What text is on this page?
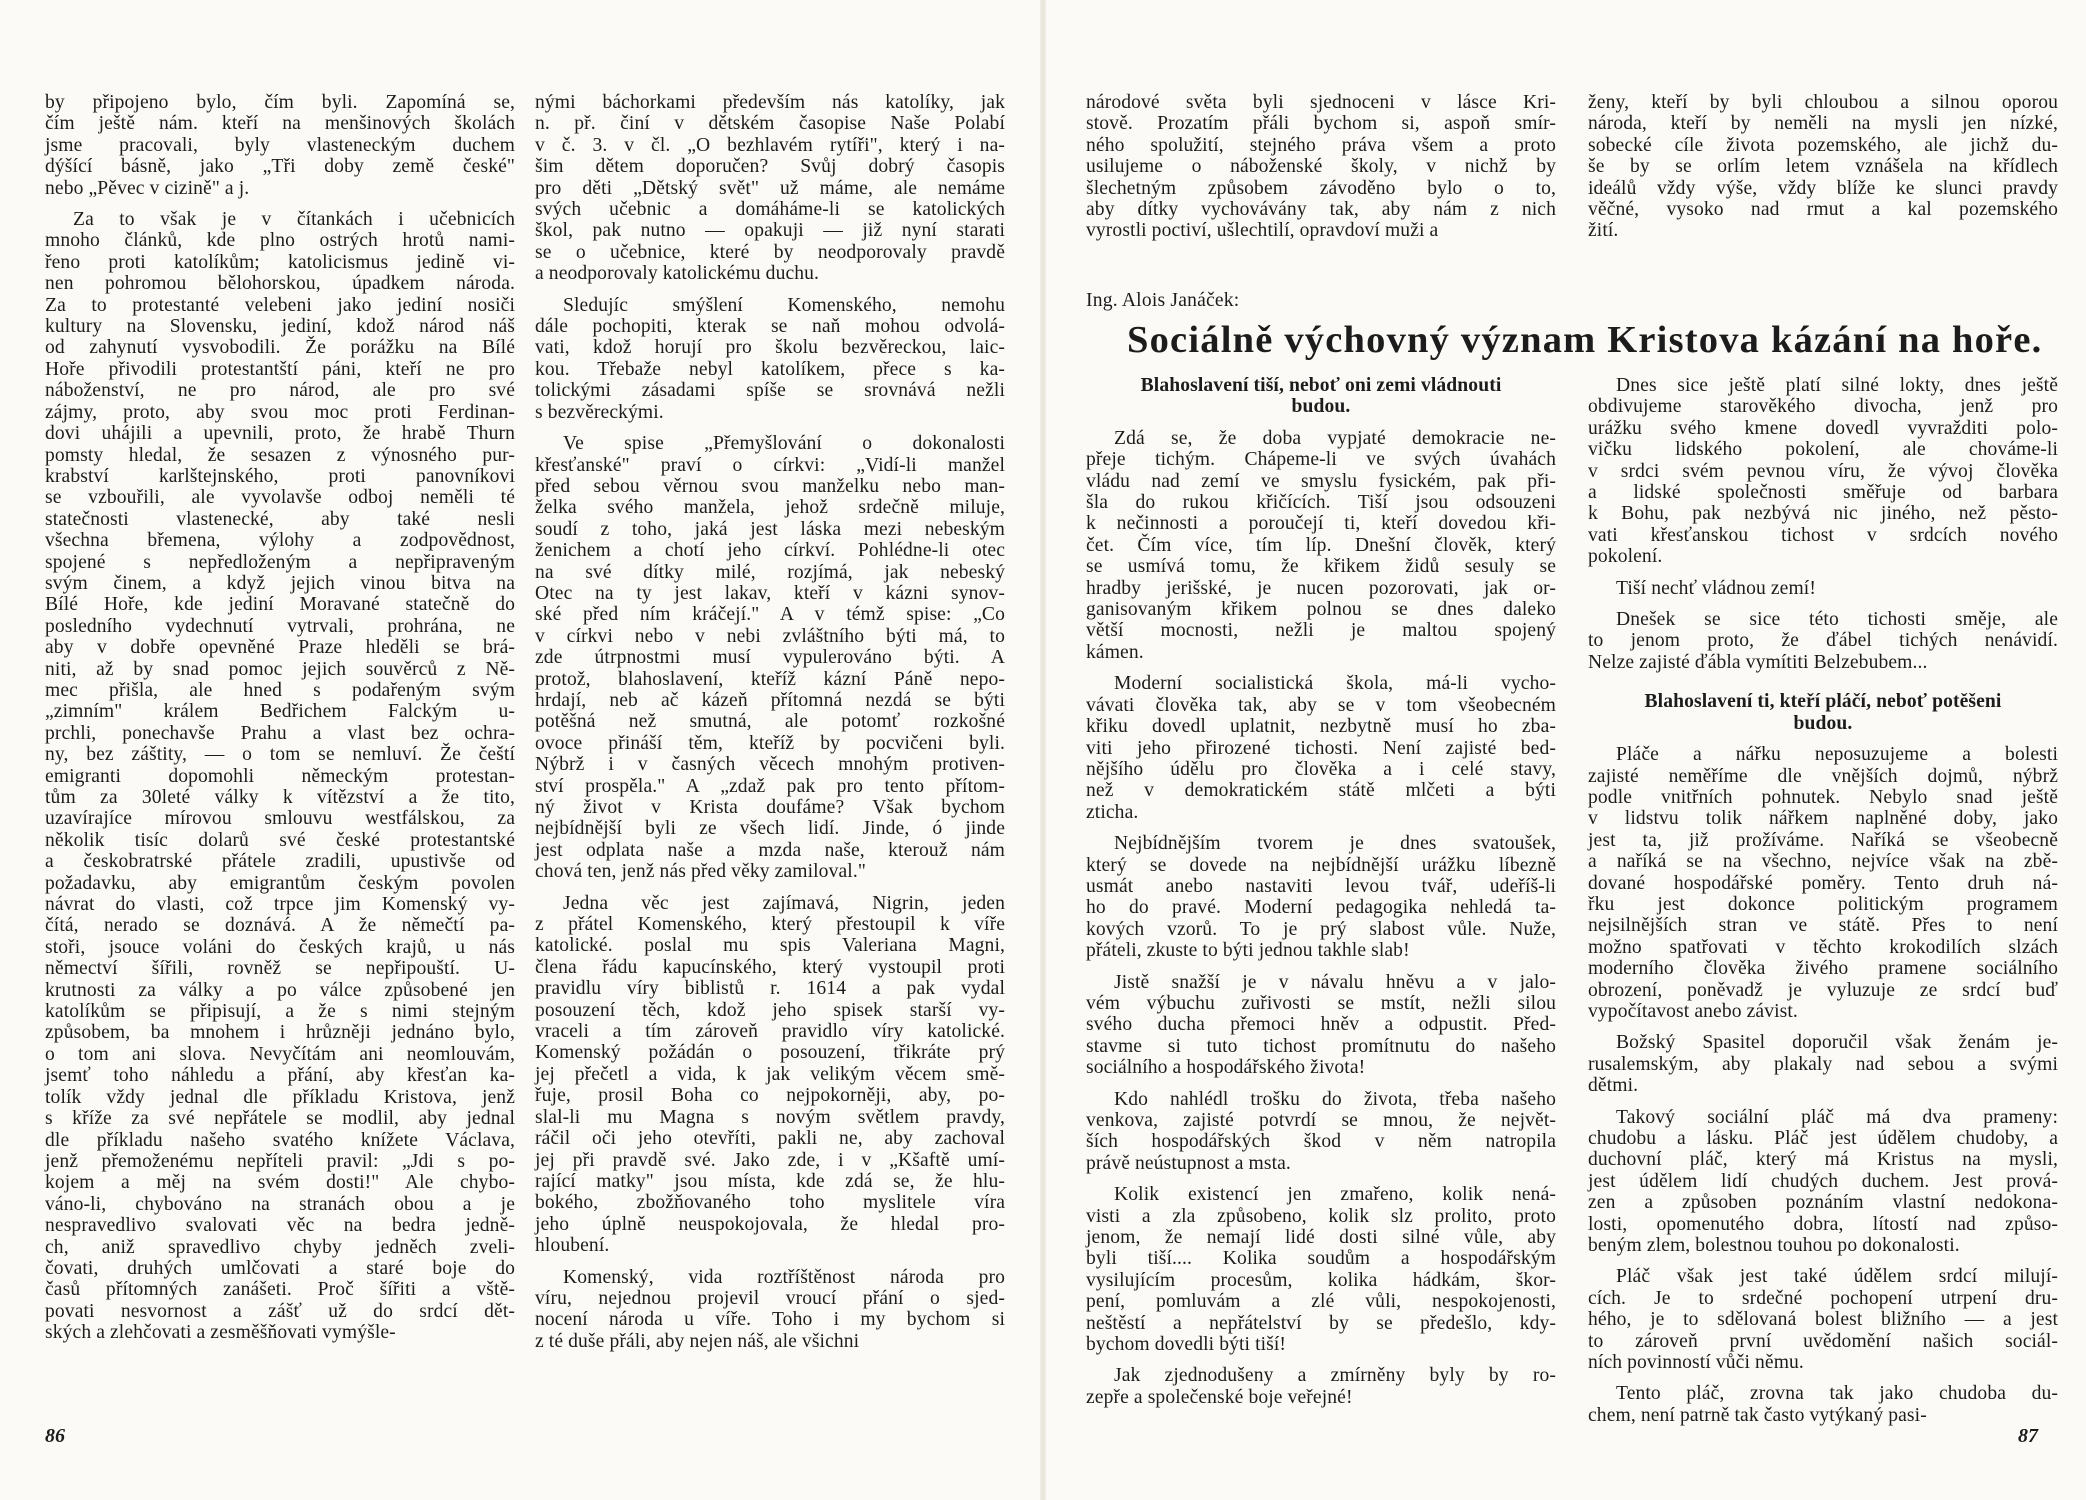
by připojeno bylo, čím byli. Zapomíná se,
čím ještě nám. kteří na menšinových školách
jsme pracovali, byly vlasteneckým duchem
dýšící básně, jako „Tři doby země české"
nebo „Pěvec v cizině" a j.

Za to však je v čítankách i učebnicích
mnoho článků, kde plno ostrých hrotů nami-
řeno proti katolíkům; katolicismus jedině vi-
nen pohromou bělohorskou, úpadkem národa.
Za to protestanté velebeni jako jediní nosiči
kultury na Slovensku, jediní, kdož národ náš
od zahynutí vysvobodili. Že porážku na Bílé
Hoře přivodili protestantští páni, kteří ne pro
náboženství, ne pro národ, ale pro své
zájmy, proto, aby svou moc proti Ferdinan-
dovi uhájili a upevnili, proto, že hrabě Thurn
pomsty hledal, že sesazen z výnosného pur-
krabství karlštejnského, proti panovníkovi
se vzbouřili, ale vyvolavše odboj neměli té
statečnosti vlastenecké, aby také nesli
všechna břemena, výlohy a zodpovědnost,
spojené s nepředloženým a nepřipraveným
svým činem, a když jejich vinou bitva na
Bílé Hoře, kde jediní Moravané statečně do
posledního vydechnutí vytrvali, prohrána, ne
aby v dobře opevněné Praze hleděli se brá-
niti, až by snad pomoc jejich souvěrců z Ně-
mec přišla, ale hned s podařeným svým
„zimním" králem Bedřichem Falckým u-
prchli, ponechavše Prahu a vlast bez ochra-
ny, bez záštity, — o tom se nemluví. Že čeští
emigranti dopomohli německým protestan-
tům za 30leté války k vítězství a že tito,
uzavírajíce mírovou smlouvu westfálskou, za
několik tisíc dolarů své české protestantské
a českobratrské přátele zradili, upustivše od
požadavku, aby emigrantům českým povolen
návrat do vlasti, což trpce jim Komenský vy-
čítá, nerado se doznává. A že němečtí pa-
stoři, jsouce voláni do českých krajů, u nás
němectví šířili, rovněž se nepřipouští. U-
krutnosti za války a po válce způsobené jen
katolíkům se připisují, a že s nimi stejným
způsobem, ba mnohem i hrůzněji jednáno bylo,
o tom ani slova. Nevyčítám ani neomlouvám,
jsemť toho náhledu a přání, aby křesťan ka-
tolík vždy jednal dle příkladu Kristova, jenž
s kříže za své nepřátele se modlil, aby jednal
dle příkladu našeho svatého knížete Václava,
jenž přemoženému nepříteli pravil: „Jdi s po-
kojem a měj na svém dosti!" Ale chybo-
váno-li, chybováno na stranách obou a je
nespravedlivo svalovati věc na bedra jedně-
ch, aniž spravedlivo chyby jedněch zveli-
čovati, druhých umlčovati a staré boje do
časů přítomných zanášeti. Proč šířiti a vště-
povati nesvornost a zášť už do srdcí dět-
ských a zlehčovati a zesměšňovati vymýšle-

nými báchorkami především nás katolíky, jak
n. př. činí v dětském časopise Naše Polabí
v č. 3. v čl. „O bezhlavém rytíři", který i na-
šim dětem doporučen? Svůj dobrý časopis
pro děti „Dětský svět" už máme, ale nemáme
svých učebnic a domáháme-li se katolických
škol, pak nutno — opakuji — již nyní starati
se o učebnice, které by neodporovaly pravdě
a neodporovaly katolickému duchu.

Sledujíc smýšlení Komenského, nemohu
dále pochopiti, kterak se naň mohou odvolá-
vati, kdož horují pro školu bezvěreckou, laic-
kou. Třebaže nebyl katolíkem, přece s ka-
tolickými zásadami spíše se srovnává nežli
s bezvěreckými.

Ve spise „Přemyšlování o dokonalosti
křesťanské" praví o církvi: „Vidí-li manžel
před sebou věrnou svou manželku nebo man-
želka svého manžela, jehož srdečně miluje,
soudí z toho, jaká jest láska mezi nebeským
ženichem a chotí jeho církví. Pohlédne-li otec
na své dítky milé, rozjímá, jak nebeský
Otec na ty jest lakav, kteří v kázni synov-
ské před ním kráčejí." A v témž spise: „Co
v církvi nebo v nebi zvláštního býti má, to
zde útrpnostmi musí vypulerováno býti. A
protož, blahoslavení, kteříž kázní Páně nepo-
hrdají, neb ač kázeň přítomná nezdá se býti
potěšná než smutná, ale potomť rozkošné
ovoce přináší těm, kteříž by pocvičeni byli.
Nýbrž i v časných věcech mnohým protiven-
ství prospěla." A „zdaž pak pro tento přítom-
ný život v Krista doufáme? Však bychom
nejbídnější byli ze všech lidí. Jinde, ó jinde
jest odplata naše a mzda naše, kterouž nám
chová ten, jenž nás před věky zamiloval."

Jedna věc jest zajímavá, Nigrin, jeden
z přátel Komenského, který přestoupil k víře
katolické. poslal mu spis Valeriana Magni,
člena řádu kapucínského, který vystoupil proti
pravidlu víry biblistů r. 1614 a pak vydal
posouzení těch, kdož jeho spisek starší vy-
vraceli a tím zároveň pravidlo víry katolické.
Komenský požádán o posouzení, třikráte prý
jej přečetl a vida, k jak velikým věcem smě-
řuje, prosil Boha co nejpokorněji, aby, po-
slal-li mu Magna s novým světlem pravdy,
ráčil oči jeho otevříti, pakli ne, aby zachoval
jej při pravdě své. Jako zde, i v „Kšaftě umí-
rající matky" jsou místa, kde zdá se, že hlu-
bokého, zbožňovaného toho myslitele víra
jeho úplně neuspokojovala, že hledal pro-
hloubení.

Komenský, vida roztříštěnost národa pro
víru, nejednou projevil vroucí přání o sjed-
nocení národa u víře. Toho i my bychom si
z té duše přáli, aby nejen náš, ale všichni

86

národové světa byli sjednoceni v lásce Kri-
stově. Prozatím přáli bychom si, aspoň smír-
ného spolužití, stejného práva všem a proto
usilujeme o náboženské školy, v nichž by
šlechetným způsobem závoděno bylo o to,
aby dítky vychovávány tak, aby nám z nich
vyrostli poctiví, ušlechtilí, opravdoví muži a

ženy, kteří by byli chloubou a silnou oporou
národa, kteří by neměli na mysli jen nízké,
sobecké cíle života pozemského, ale jichž du-
še by se orlím letem vznášela na křídlech
ideálů vždy výše, vždy blíže ke slunci pravdy
věčné, vysoko nad rmut a kal pozemského
žití.

Ing. Alois Janáček:
Sociálně výchovný význam Kristova kázání na hoře.
Blahoslavení tiší, neboť oni zemi vládnouti
budou.

Zdá se, že doba vypjaté demokracie ne-
přeje tichým. Chápeme-li ve svých úvahách
vládu nad zemí ve smyslu fysickém, pak při-
šla do rukou křičících. Tiší jsou odsouzeni
k nečinnosti a poroučejí ti, kteří dovedou kři-
čet. Čím více, tím líp. Dnešní člověk, který
se usmívá tomu, že křikem židů sesuly se
hradby jerišské, je nucen pozorovati, jak or-
ganisovaným křikem polnou se dnes daleko
větší mocnosti, nežli je maltou spojený
kámen.

Moderní socialistická škola, má-li vycho-
vávati člověka tak, aby se v tom všeobecném
křiku dovedl uplatnit, nezbytně musí ho zba-
viti jeho přirozené tichosti. Není zajisté bed-
nějšího údělu pro člověka a i celé stavy,
než v demokratickém státě mlčeti a býti
zticha.

Nejbídnějším tvorem je dnes svatoušek,
který se dovede na nejbídnější urážku líbezně
usmát anebo nastaviti levou tvář, udeříš-li
ho do pravé. Moderní pedagogika nehledá ta-
kových vzorů. To je prý slabost vůle. Nuže,
přáteli, zkuste to býti jednou takhle slab!

Jistě snažší je v návalu hněvu a v jalo-
vém výbuchu zuřivosti se mstít, nežli silou
svého ducha přemoci hněv a odpustit. Před-
stavme si tuto tichost promítnutu do našeho
sociálního a hospodářského života!

Kdo nahlédl trošku do života, třeba našeho
venkova, zajisté potvrdí se mnou, že největ-
ších hospodářských škod v něm natropila
právě neústupnost a msta.

Kolik existencí jen zmařeno, kolik nená-
visti a zla způsobeno, kolik slz prolito, proto
jenom, že nemají lidé dosti silné vůle, aby
byli tiší.... Kolika soudům a hospodářským
vysilujícím procesům, kolika hádkám, škor-
pení, pomluvám a zlé vůli, nespokojenosti,
neštěstí a nepřátelství by se předešlo, kdy-
bychom dovedli býti tiší!

Jak zjednodušeny a zmírněny byly by ro-
zepře a společenské boje veřejné!

Dnes sice ještě platí silné lokty, dnes ještě
obdivujeme starověkého divocha, jenž pro
urážku svého kmene dovedl vyvražditi polo-
vičku lidského pokolení, ale chováme-li
v srdci svém pevnou víru, že vývoj člověka
a lidské společnosti směřuje od barbara
k Bohu, pak nezbývá nic jiného, než pěsto-
vati křesťanskou tichost v srdcích nového
pokolení.

Tiší nechť vládnou zemí!

Dnešek se sice této tichosti směje, ale
to jenom proto, že ďábel tichých nenávidí.
Nelze zajisté ďábla vymítiti Belzebubem...

Blahoslavení ti, kteří pláčí, neboť potěšeni
budou.

Pláče a nářku neposuzujeme a bolesti
zajisté neměříme dle vnějších dojmů, nýbrž
podle vnitřních pohnutek. Nebylo snad ještě
v lidstvu tolik nářkem naplněné doby, jako
jest ta, již prožíváme. Naříká se všeobecně
a naříká se na všechno, nejvíce však na zbě-
dované hospodářské poměry. Tento druh ná-
řku jest dokonce politickým programem
nejsilnějších stran ve státě. Přes to není
možno spatřovati v těchto krokodilích slzách
moderního člověka živého pramene sociálního
obrození, poněvadž je vyluzuje ze srdcí buď
vypočítavost anebo závist.

Božský Spasitel doporučil však ženám je-
rusalemským, aby plakaly nad sebou a svými
dětmi.

Takový sociální pláč má dva prameny:
chudobu a lásku. Pláč jest údělem chudoby, a
duchovní pláč, který má Kristus na mysli,
jest údělem lidí chudých duchem. Jest prová-
zen a způsoben poznáním vlastní nedokona-
losti, opomenutého dobra, lítostí nad způso-
beným zlem, bolestnou touhou po dokonalosti.

Pláč však jest také údělem srdcí milují-
cích. Je to srdečné pochopení utrpení dru-
hého, je to sdělovaná bolest bližního — a jest
to zároveň první uvědomění našich sociál-
ních povinností vůči němu.

Tento pláč, zrovna tak jako chudoba du-
chem, není patrně tak často vytýkaný pasi-

87
